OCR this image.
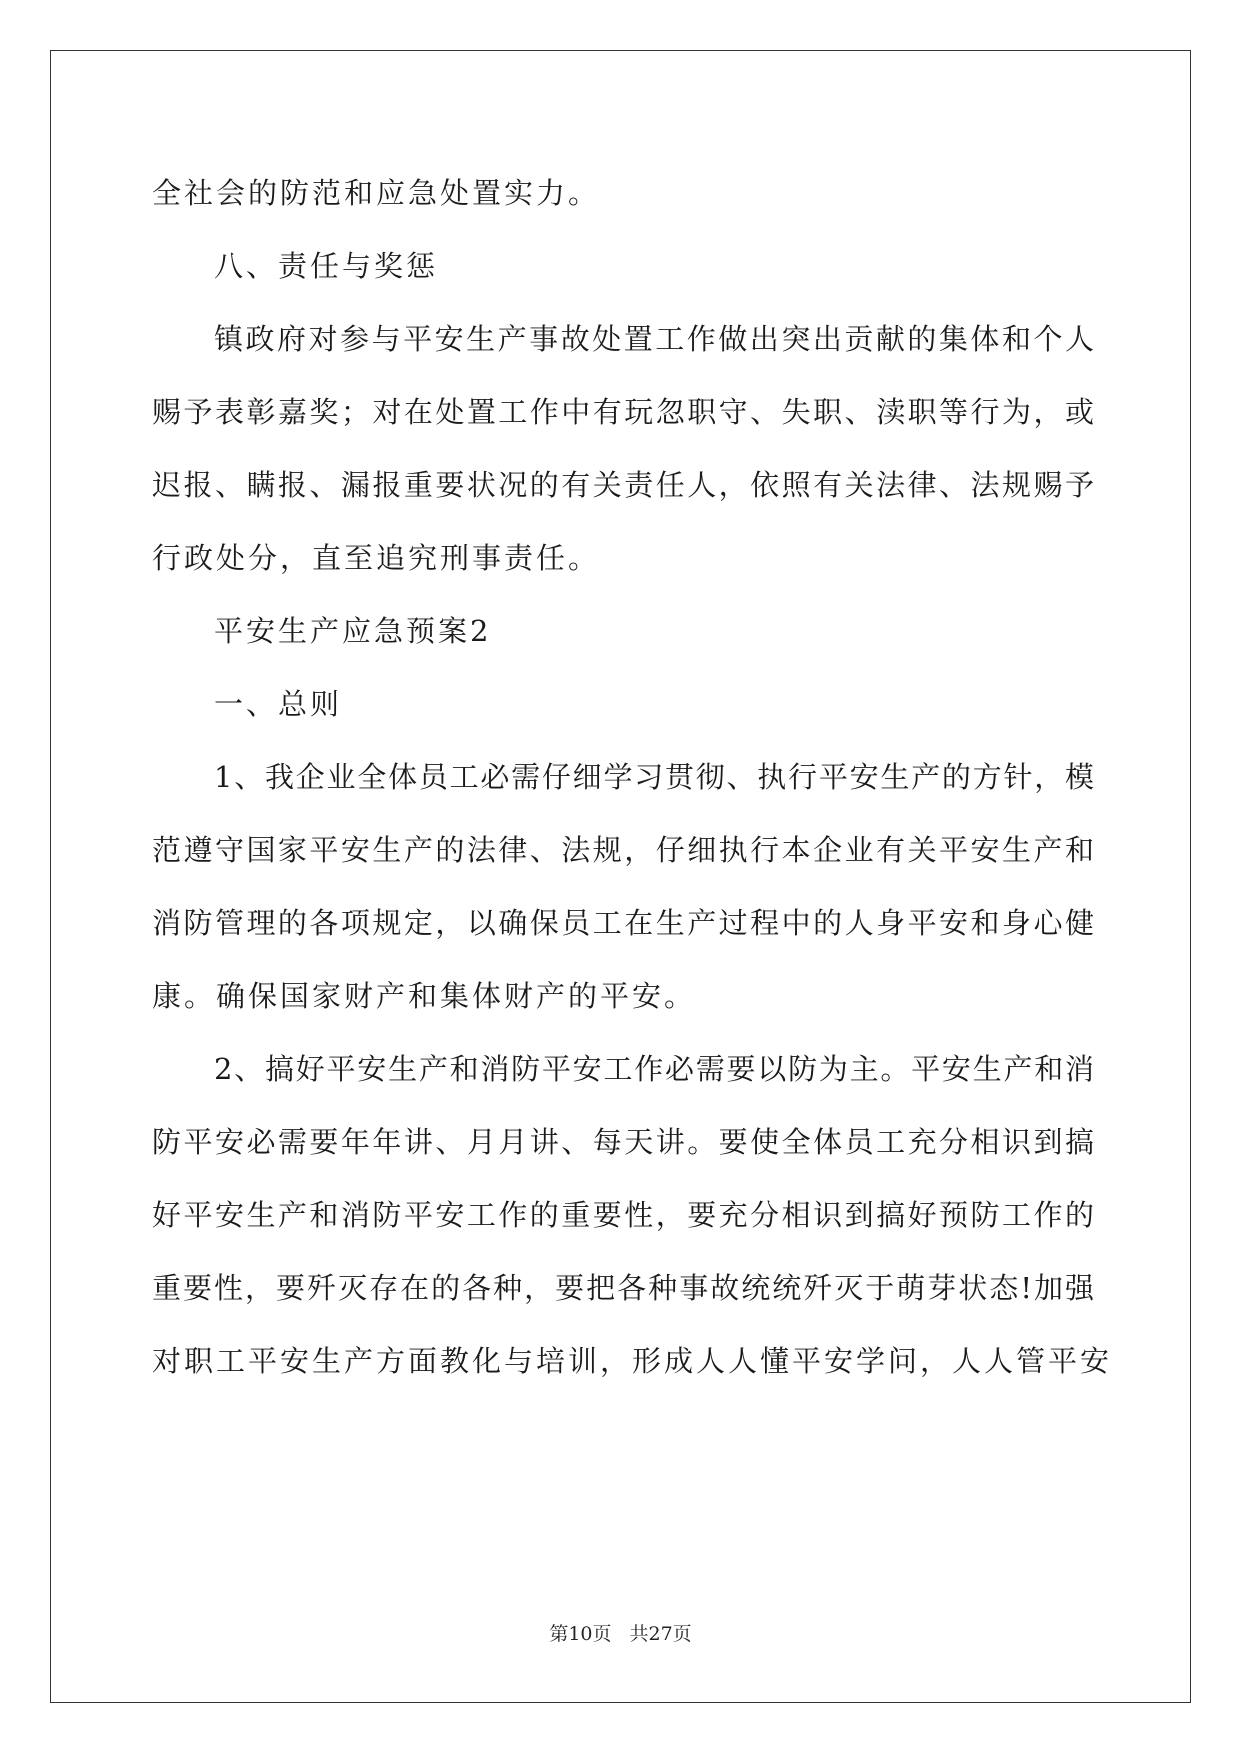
全社会的防范和应急处置实力。
八、责任与奖惩
镇政府对参与平安生产事故处置工作做出突出贡献的集体和个人
赐予表彰嘉奖；对在处置工作中有玩忽职守、失职、渎职等行为，或
迟报、瞒报、漏报重要状况的有关责任人，依照有关法律、法规赐予
行政处分，直至追究刑事责任。
平安生产应急预案2
一、总则
1、我企业全体员工必需仔细学习贯彻、执行平安生产的方针，模
范遵守国家平安生产的法律、法规，仔细执行本企业有关平安生产和
消防管理的各项规定，以确保员工在生产过程中的人身平安和身心健
康。确保国家财产和集体财产的平安。
2、搞好平安生产和消防平安工作必需要以防为主。平安生产和消
防平安必需要年年讲、月月讲、每天讲。要使全体员工充分相识到搞
好平安生产和消防平安工作的重要性，要充分相识到搞好预防工作的
重要性，要歼灭存在的各种，要把各种事故统统歼灭于萌芽状态!加强
对职工平安生产方面教化与培训，形成人人懂平安学问，人人管平安
第10页 共27页
